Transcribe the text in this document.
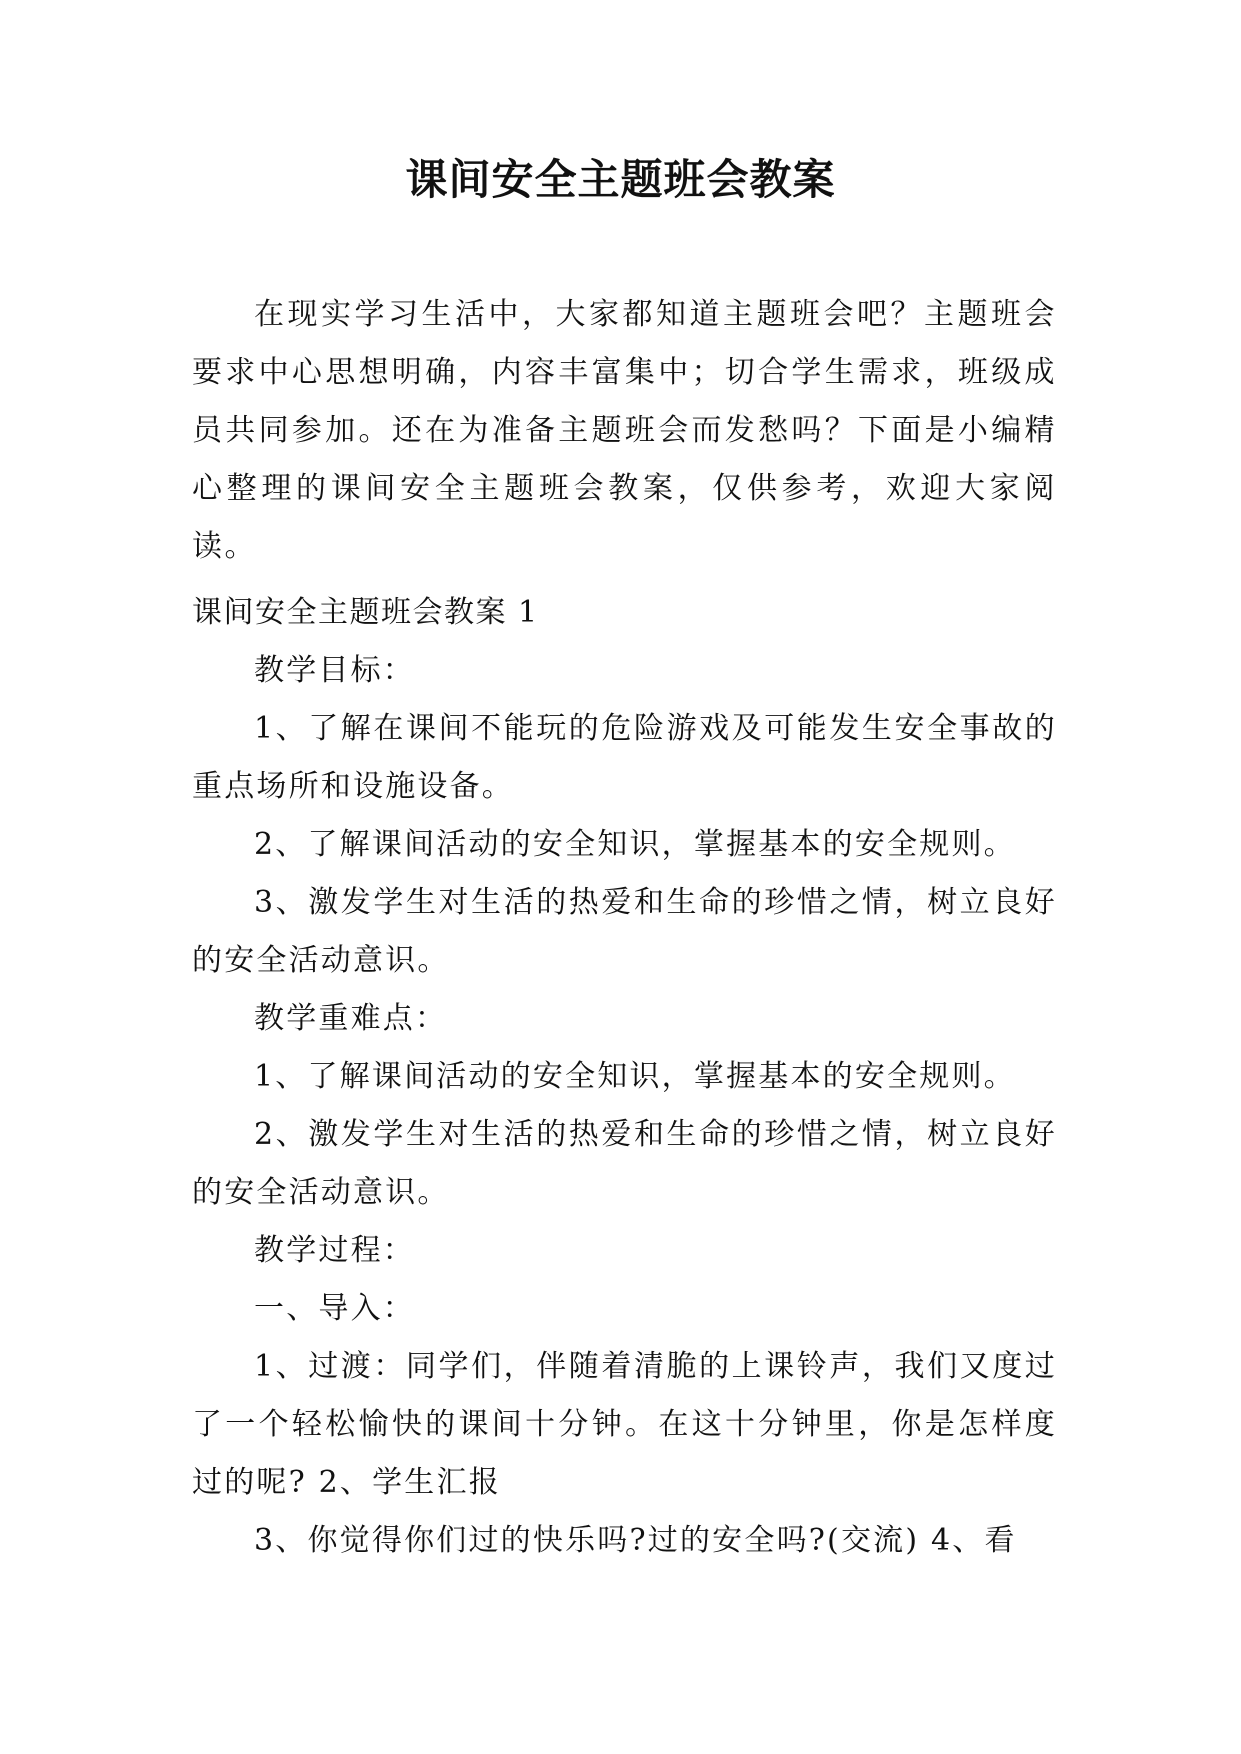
课间安全主题班会教案

在现实学习生活中，大家都知道主题班会吧？主题班会要求中心思想明确，内容丰富集中；切合学生需求，班级成员共同参加。还在为准备主题班会而发愁吗？下面是小编精心整理的课间安全主题班会教案，仅供参考，欢迎大家阅读。

课间安全主题班会教案 1

教学目标：

1、了解在课间不能玩的危险游戏及可能发生安全事故的重点场所和设施设备。

2、了解课间活动的安全知识，掌握基本的安全规则。

3、激发学生对生活的热爱和生命的珍惜之情，树立良好的安全活动意识。

教学重难点：

1、了解课间活动的安全知识，掌握基本的安全规则。

2、激发学生对生活的热爱和生命的珍惜之情，树立良好的安全活动意识。

教学过程：

一、导入：

1、过渡：同学们，伴随着清脆的上课铃声，我们又度过了一个轻松愉快的课间十分钟。在这十分钟里，你是怎样度过的呢? 2、学生汇报

3、你觉得你们过的快乐吗?过的安全吗?(交流) 4、看
